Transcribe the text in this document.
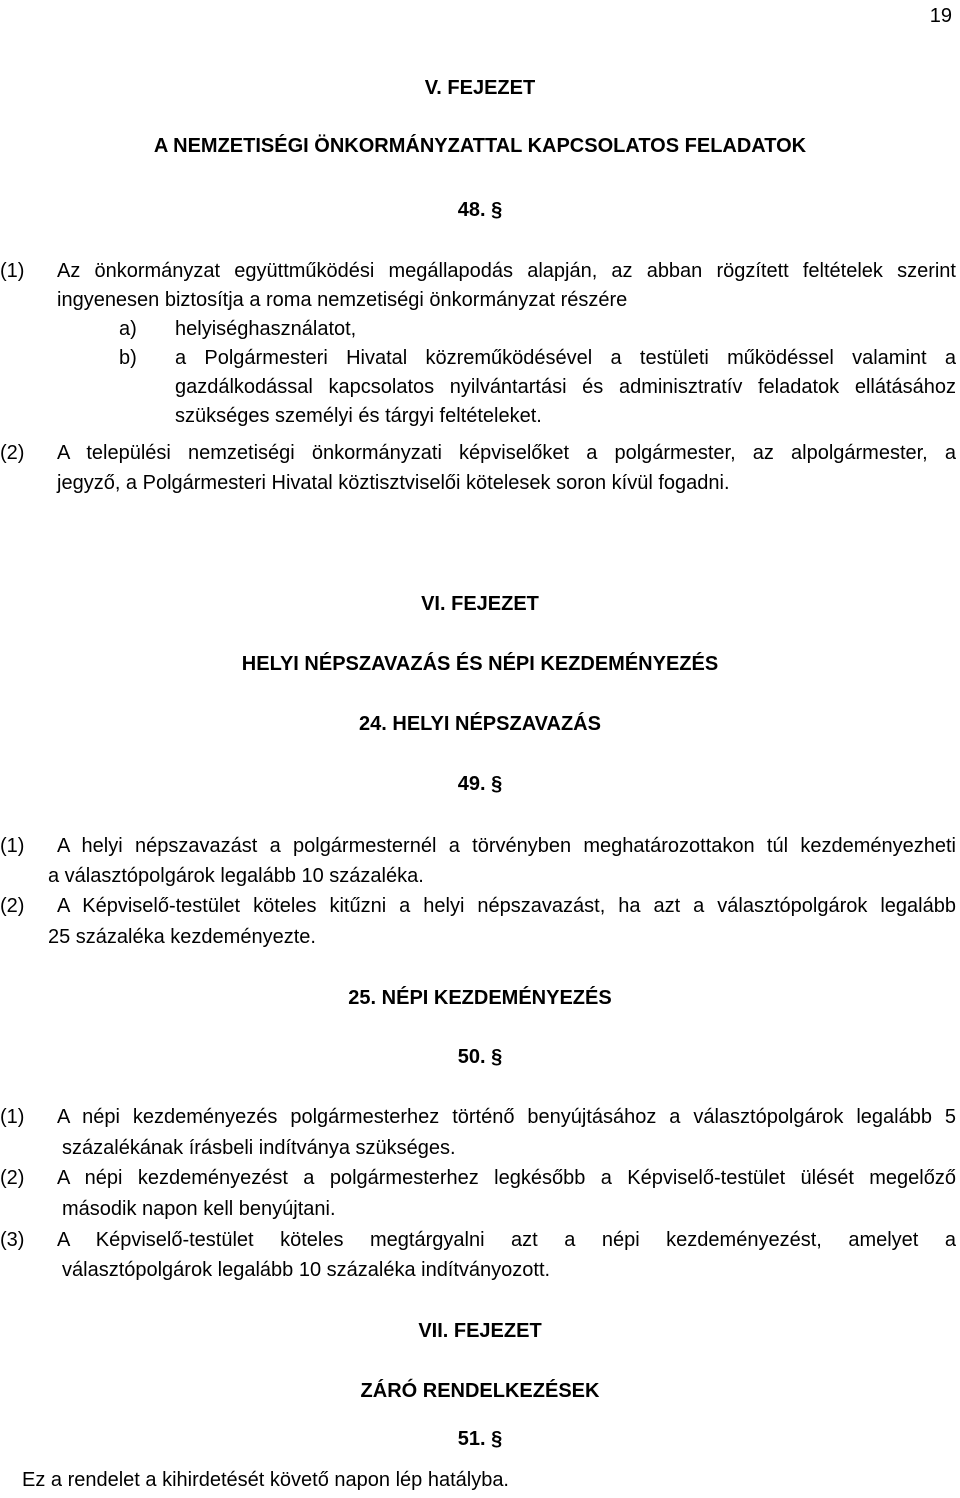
19
V. FEJEZET
A NEMZETISÉGI ÖNKORMÁNYZATTAL KAPCSOLATOS FELADATOK
48. §
(1) Az önkormányzat együttműködési megállapodás alapján, az abban rögzített feltételek szerint
ingyenesen biztosítja a roma nemzetiségi önkormányzat részére
a) helyiséghasználatot,
b) a Polgármesteri Hivatal közreműködésével a testületi működéssel valamint a
gazdálkodással kapcsolatos nyilvántartási és adminisztratív feladatok ellátásához
szükséges személyi és tárgyi feltételeket.
(2) A települési nemzetiségi önkormányzati képviselőket a polgármester, az alpolgármester, a
jegyző, a Polgármesteri Hivatal köztisztviselői kötelesek soron kívül fogadni.
VI. FEJEZET
HELYI NÉPSZAVAZÁS ÉS NÉPI KEZDEMÉNYEZÉS
24. HELYI NÉPSZAVAZÁS
49. §
(1) A helyi népszavazást a polgármesternél a törvényben meghatározottakon túl kezdeményezheti
a választópolgárok legalább 10 százaléka.
(2) A Képviselő-testület köteles kitűzni a helyi népszavazást, ha azt a választópolgárok legalább
25 százaléka kezdeményezte.
25. NÉPI KEZDEMÉNYEZÉS
50. §
(1) A népi kezdeményezés polgármesterhez történő benyújtásához a választópolgárok legalább 5
százalékának írásbeli indítványa szükséges.
(2) A népi kezdeményezést a polgármesterhez legkésőbb a Képviselő-testület ülését megelőző
második napon kell benyújtani.
(3) A Képviselő-testület köteles megtárgyalni azt a népi kezdeményezést, amelyet a
választópolgárok legalább 10 százaléka indítványozott.
VII. FEJEZET
ZÁRÓ RENDELKEZÉSEK
51. §
Ez a rendelet a kihirdetését követő napon lép hatályba.
